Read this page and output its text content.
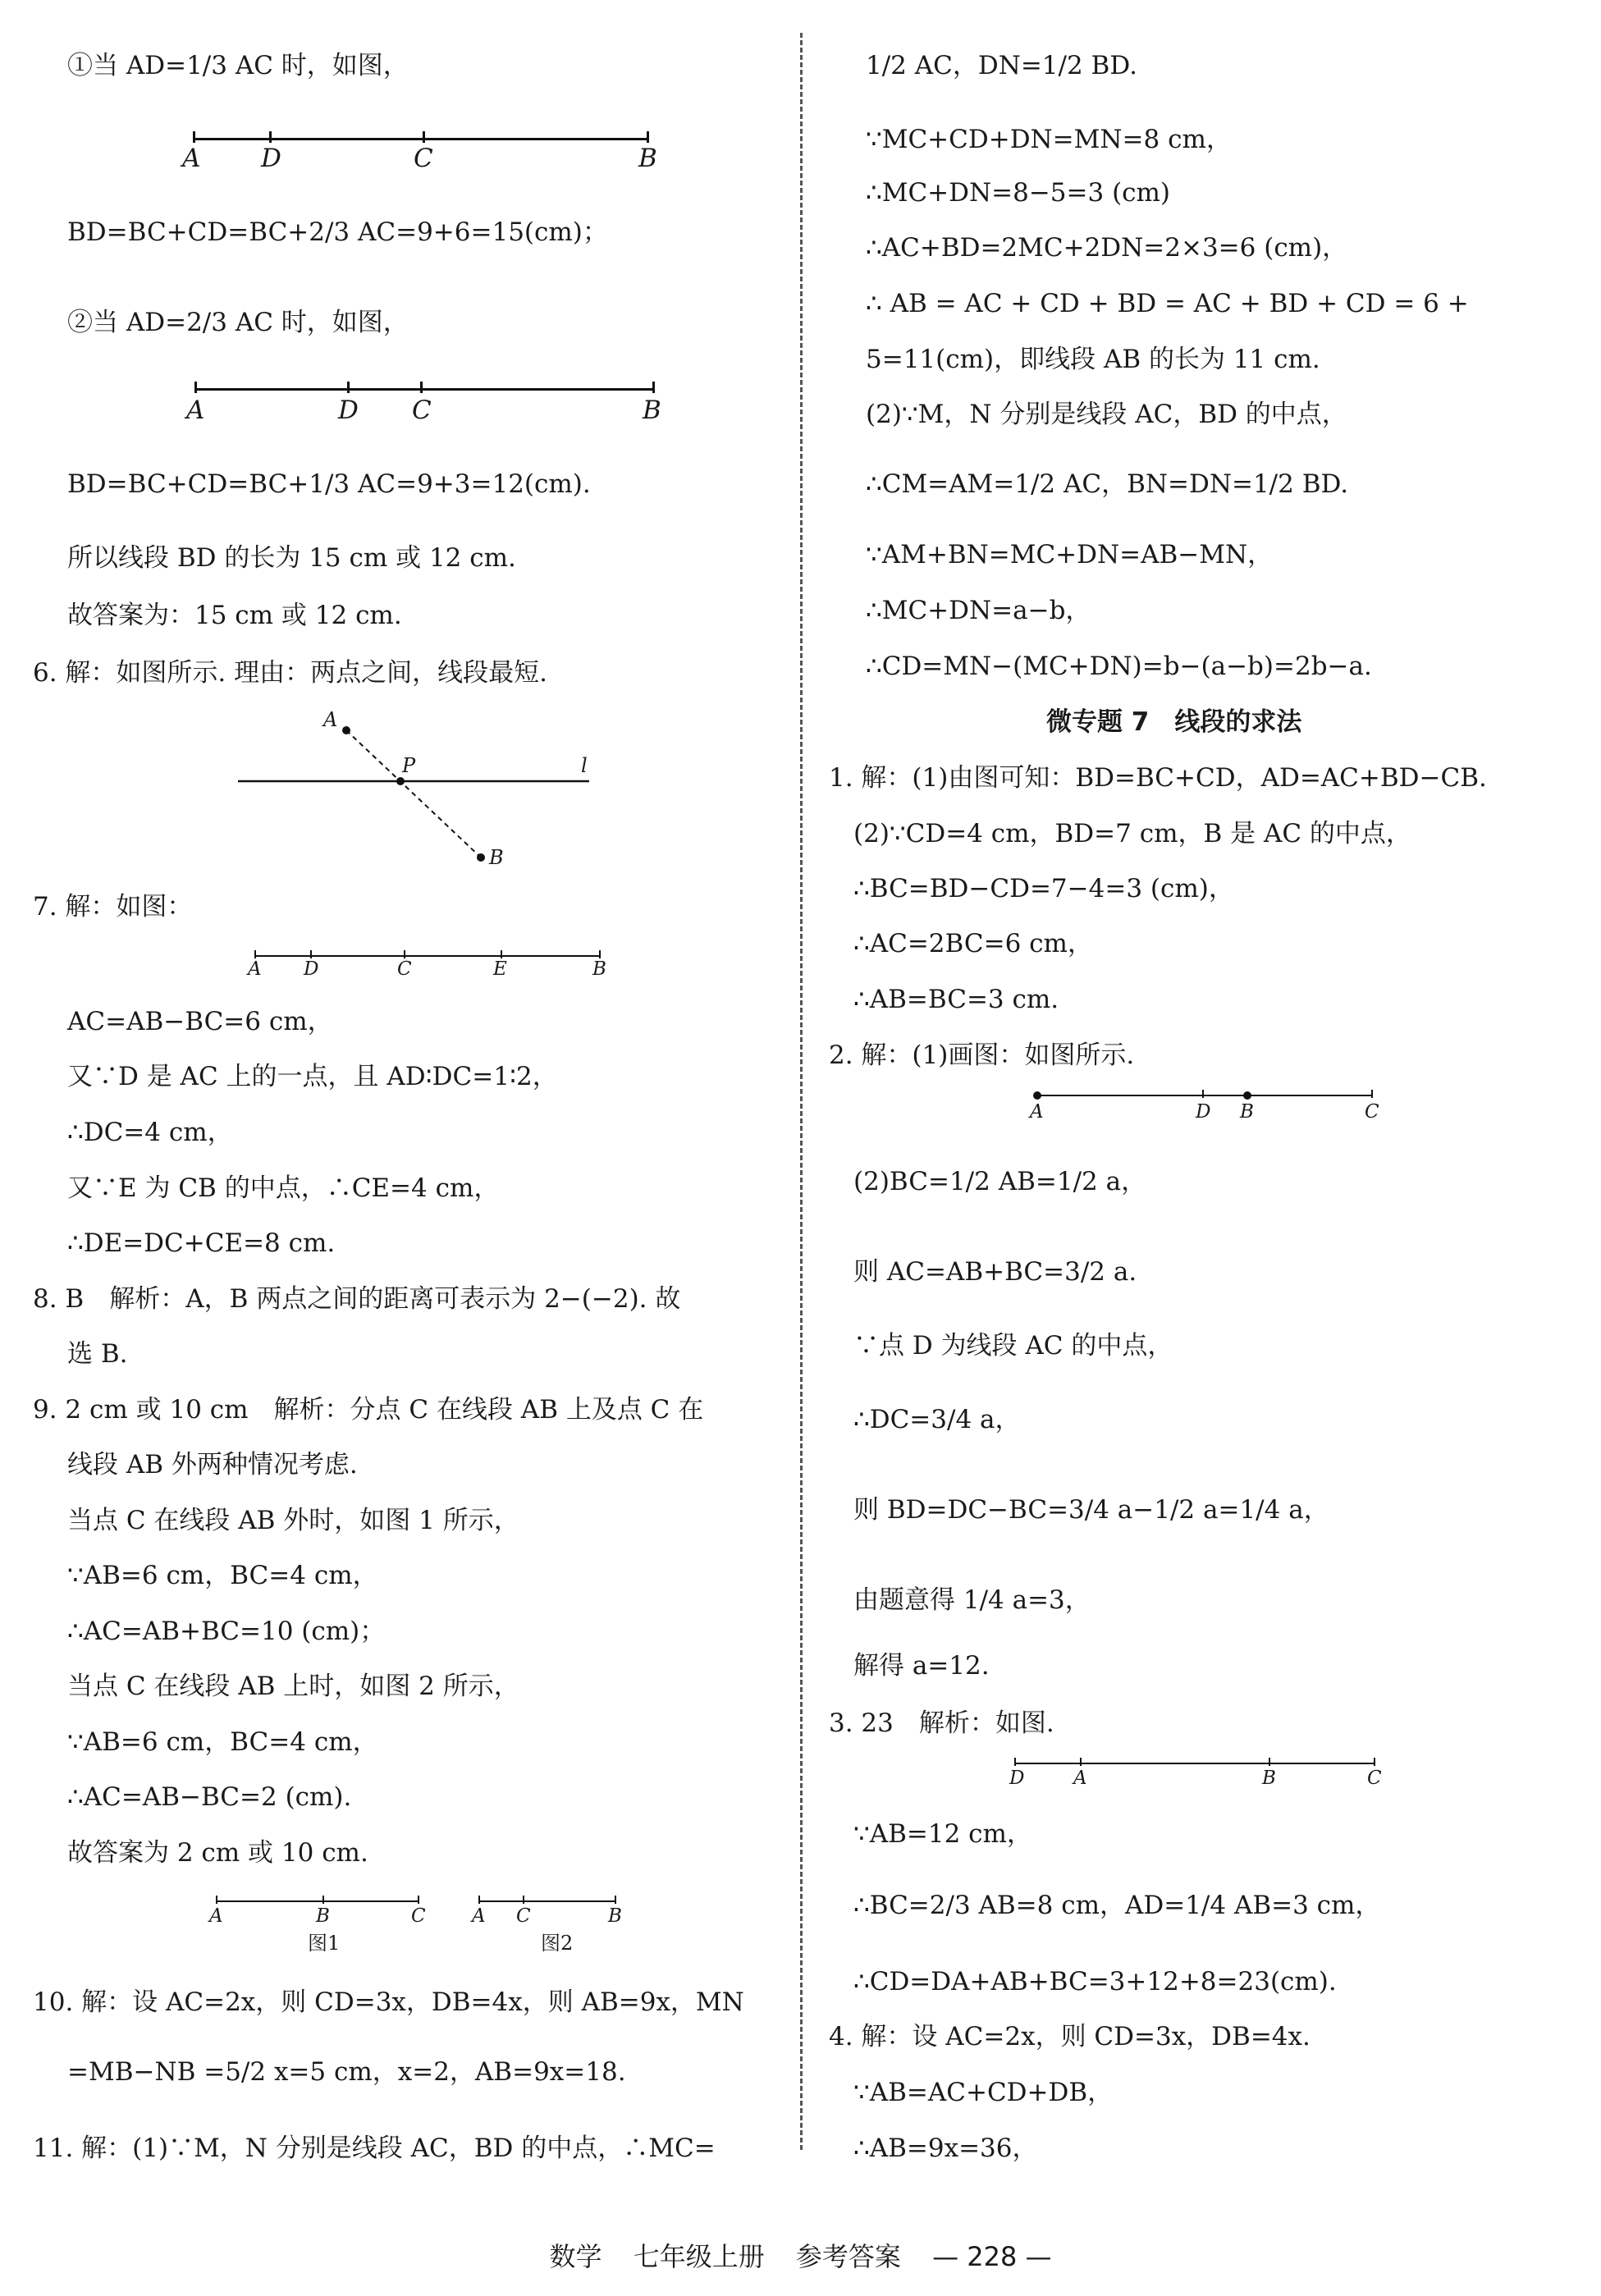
①当 AD=1/3 AC 时，如图，
A D	C	B
BD=BC+CD=BC+2/3 AC=9+6=15(cm)；
②当 AD=2/3 AC 时，如图，
A	D C	B
BD=BC+CD=BC+1/3 AC=9+3=12(cm).
所以线段 BD 的长为 15 cm 或 12 cm.
故答案为：15 cm 或 12 cm.
6. 解：如图所示. 理由：两点之间，线段最短.
A
P	l
B
7. 解：如图：
A D	C	E	B
AC=AB−BC=6 cm，
又∵D 是 AC 上的一点，且 AD∶DC=1∶2，
∴DC=4 cm，
又∵E 为 CB 的中点，∴CE=4 cm，
∴DE=DC+CE=8 cm.
8. B　解析：A，B 两点之间的距离可表示为 2−(−2). 故
选 B.
9. 2 cm 或 10 cm　解析：分点 C 在线段 AB 上及点 C 在
线段 AB 外两种情况考虑.
当点 C 在线段 AB 外时，如图 1 所示，
∵AB=6 cm，BC=4 cm，
∴AC=AB+BC=10 (cm)；
当点 C 在线段 AB 上时，如图 2 所示，
∵AB=6 cm，BC=4 cm，
∴AC=AB−BC=2 (cm).
故答案为 2 cm 或 10 cm.
A	B	C
图1
A C	B
图2
10. 解：设 AC=2x，则 CD=3x，DB=4x，则 AB=9x，MN
=MB−NB =5/2 x=5 cm，x=2，AB=9x=18.
11. 解：(1)∵M，N 分别是线段 AC，BD 的中点，∴MC=
1/2 AC，DN=1/2 BD.
∵MC+CD+DN=MN=8 cm，
∴MC+DN=8−5=3 (cm)
∴AC+BD=2MC+2DN=2×3=6 (cm)，
∴ AB = AC + CD + BD = AC + BD + CD = 6 +
5=11(cm)，即线段 AB 的长为 11 cm.
(2)∵M，N 分别是线段 AC，BD 的中点，
∴CM=AM=1/2 AC，BN=DN=1/2 BD.
∵AM+BN=MC+DN=AB−MN，
∴MC+DN=a−b，
∴CD=MN−(MC+DN)=b−(a−b)=2b−a.
微专题 7　线段的求法
1. 解：(1)由图可知：BD=BC+CD，AD=AC+BD−CB.
(2)∵CD=4 cm，BD=7 cm，B 是 AC 的中点，
∴BC=BD−CD=7−4=3 (cm)，
∴AC=2BC=6 cm，
∴AB=BC=3 cm.
2. 解：(1)画图：如图所示.
A	D B	C
(2)BC=1/2 AB=1/2 a，
则 AC=AB+BC=3/2 a.
∵点 D 为线段 AC 的中点，
∴DC=3/4 a，
则 BD=DC−BC=3/4 a−1/2 a=1/4 a，
由题意得 1/4 a=3，
解得 a=12.
3. 23　解析：如图.
D	A	B	C
∵AB=12 cm，
∴BC=2/3 AB=8 cm，AD=1/4 AB=3 cm，
∴CD=DA+AB+BC=3+12+8=23(cm).
4. 解：设 AC=2x，则 CD=3x，DB=4x.
∵AB=AC+CD+DB，
∴AB=9x=36，
数学 七年级上册 参考答案 — 228 —
